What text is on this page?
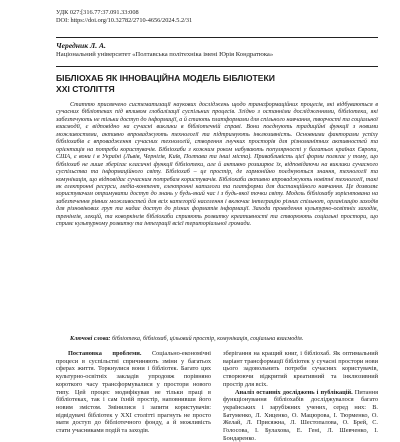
УДК 027:[316.77:37.091.33:008
DOI: https://doi.org/10.32782/2710-4656/2024.5.2/31
Чередник Л. А.
Національний університет «Полтавська політехніка імені Юрія Кондратюка»
БІБЛІОХАБ ЯК ІННОВАЦІЙНА МОДЕЛЬ БІБЛІОТЕКИ
ХХІ СТОЛІТТЯ

Статтю присвячено систематизації наукових досліджень щодо трансформаційних процесів, які відбуваються в сучасних бібліотеках під впливом глобалізації суспільних процесів. Згідно з останніми дослідженнями, бібліотеки, які забезпечують не тільки доступ до інформації, а й стають платформами для спільного навчання, творчості та соціальної взаємодії, є відповідно на сучасні виклики в бібліотечній справі. Вони поєднують традиційні функції з новими можливостями, активно впроваджують технології та підтримують інклюзивність. Основними факторами успіху бібліохабів є впровадження сучасних технологій, створення гнучких просторів для різноманітних активностей та орієнтація на потреби користувачів. Бібліохаби з кожним роком набувають популярності у багатьох країнах Європи, США, є вони і в Україні (Львів, Чернігів, Київ, Полтава та інші міста). Привабливість цієї форми полягає у тому, що бібліохаб не лише зберігає класичні функції бібліотеки, але й активно розширює їх, відповідаючи на виклики сучасного суспільства та інформаційного світу. Бібліохаб – це простір, де гармонійно поєднуються знання, технології та комунікація, що відповідає сучасним потребам користувачів. Бібліохаби активно впроваджують новітні технології, такі як електронні ресурси, медіа-контент, електронні каталоги та платформи для дистанційного навчання. Це дозволяє користувачам отримувати доступ до знань у будь-який час і з будь-якої точки світу. Модель бібліохабу зорієнтована на забезпечення рівних можливостей для всіх категорій населення і включає інтеграцію різних спільнот, організацію заходів для різновікових груп та надає доступ до різних форматів інформації. Заходи проведення культурно-освітніх заходів, тренінгів, лекцій, та коворкінгів бібліохаби сприяють розвитку креативності та створюють соціальні простори, що сприяє культурному розвитку та інтеграції всієї територіальної громади.

Ключові слова: бібліотека, бібліохаб, цільовий простір, комунікація, соціальна взаємодія.

Постановка проблеми. Соціально-економічні процеси в суспільстві спричиняють зміни у багатьох сферах життя. Торкнулися вони і бібліотек. Багато цих культурно-освітніх закладів упродовж порівняно короткого часу трансформувалися у простори нового типу. Цей процес модифікував не тільки праці в бібліотеках, так і сам їхній простір, наповнивши його новим змістом. Змінилися і запити користувачів: відвідувачі бібліотек у ХХІ столітті прагнуть не просто мати доступ до бібліотечного фонду, а й можливість стати учасниками подій та заходів.
зберігання на кращий книг, і бібліохаб. Як оптимальний варіант трансформації бібліотек у сучасні простори нови цього задовольнить потреби сучасних користувачів, створюючи відкритий креативний та інклюзивний простір для всіх.
Аналіз останніх досліджень і публікацій. Питання функціонування бібліохабів досліджувалося багато українських і зарубіжних учених, серед них: В. Батуменко, Л. Хиценко, О. Мацюрова, І. Тюрменко, О. Желай, Л. Присяжна, Л. Шестопалова, О. Брей, С. Голосова, І. Булахова, Е. Гені, Л. Шевченко, І. Бондаренко.
